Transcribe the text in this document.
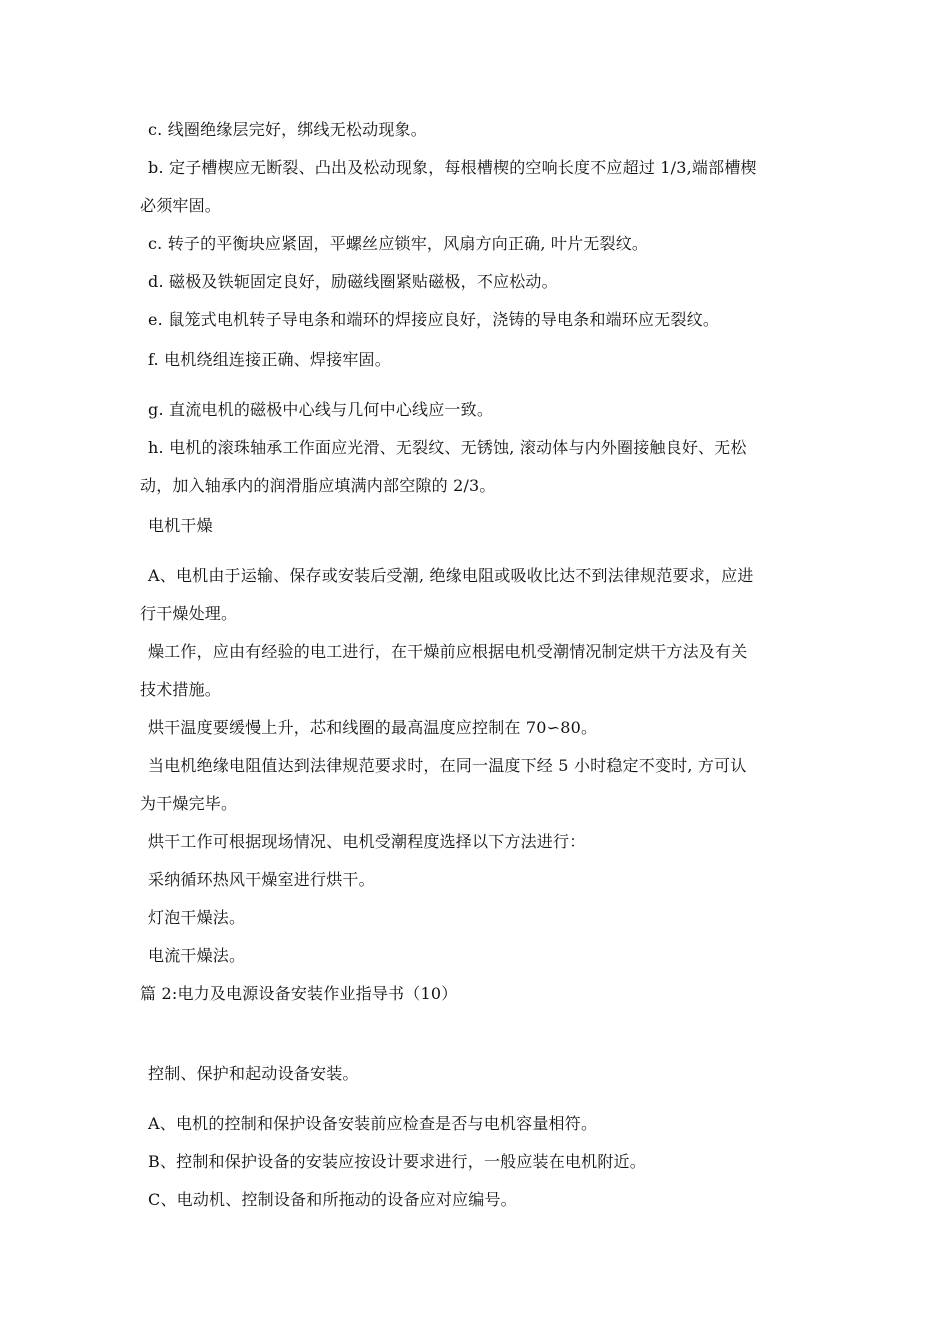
c. 线圈绝缘层完好，绑线无松动现象。
b. 定子槽楔应无断裂、凸出及松动现象，每根槽楔的空响长度不应超过 1/3,端部槽楔
必须牢固。
c. 转子的平衡块应紧固，平螺丝应锁牢，风扇方向正确, 叶片无裂纹。
d. 磁极及铁轭固定良好，励磁线圈紧贴磁极，不应松动。
e. 鼠笼式电机转子导电条和端环的焊接应良好，浇铸的导电条和端环应无裂纹。
f. 电机绕组连接正确、焊接牢固。
g. 直流电机的磁极中心线与几何中心线应一致。
h. 电机的滚珠轴承工作面应光滑、无裂纹、无锈蚀, 滚动体与内外圈接触良好、无松
动，加入轴承内的润滑脂应填满内部空隙的 2/3。
电机干燥
A、电机由于运输、保存或安装后受潮, 绝缘电阻或吸收比达不到法律规范要求，应进
行干燥处理。
燥工作，应由有经验的电工进行，在干燥前应根据电机受潮情况制定烘干方法及有关
技术措施。
烘干温度要缓慢上升，芯和线圈的最高温度应控制在 70∽80。
当电机绝缘电阻值达到法律规范要求时，在同一温度下经 5 小时稳定不变时, 方可认
为干燥完毕。
烘干工作可根据现场情况、电机受潮程度选择以下方法进行：
采纳循环热风干燥室进行烘干。
灯泡干燥法。
电流干燥法。
篇 2:电力及电源设备安装作业指导书（10）
控制、保护和起动设备安装。
A、电机的控制和保护设备安装前应检查是否与电机容量相符。
B、控制和保护设备的安装应按设计要求进行，一般应装在电机附近。
C、电动机、控制设备和所拖动的设备应对应编号。
